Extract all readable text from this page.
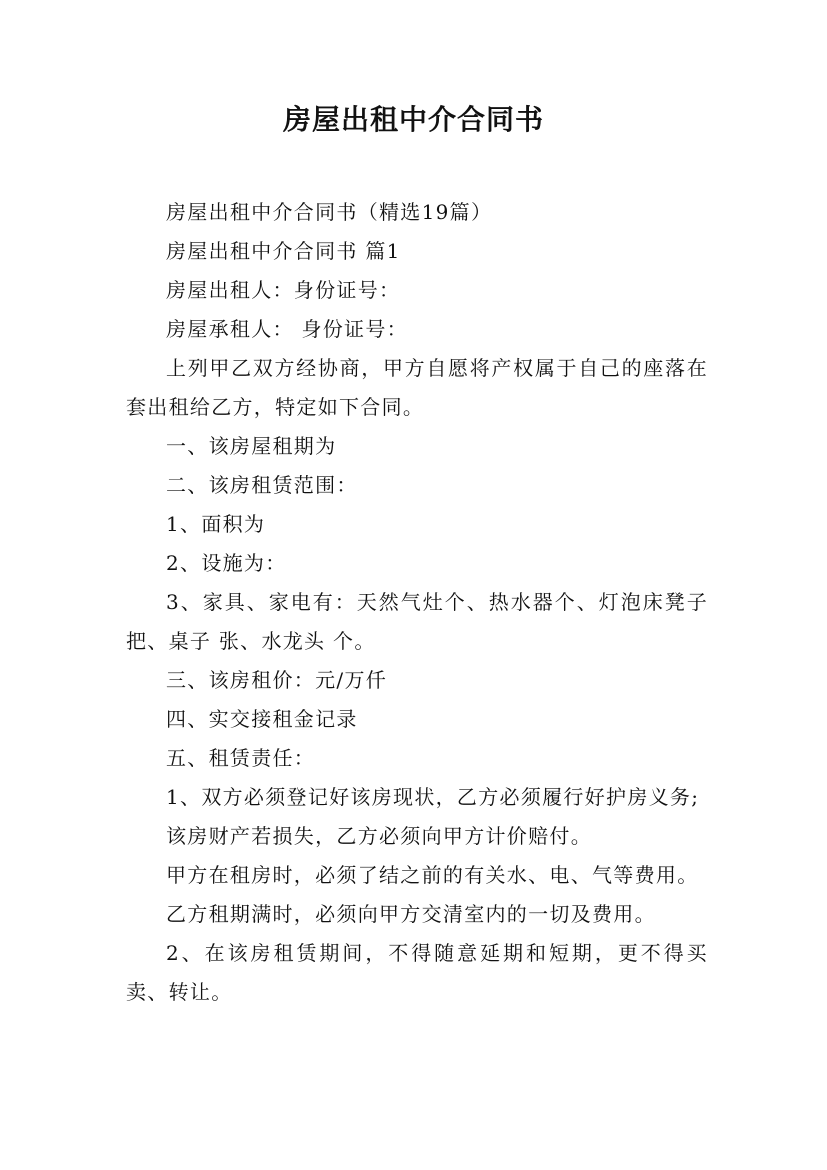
房屋出租中介合同书

房屋出租中介合同书（精选19篇）

房屋出租中介合同书 篇1

房屋出租人：身份证号：

房屋承租人： 身份证号：

上列甲乙双方经协商，甲方自愿将产权属于自己的座落在 套出租给乙方，特定如下合同。

一、该房屋租期为

二、该房租赁范围：

1、面积为

2、设施为：

3、家具、家电有：天然气灶个、热水器个、灯泡床凳子把、桌子 张、水龙头 个。

三、该房租价：元/万仟

四、实交接租金记录

五、租赁责任：

1、双方必须登记好该房现状，乙方必须履行好护房义务;

该房财产若损失，乙方必须向甲方计价赔付。

甲方在租房时，必须了结之前的有关水、电、气等费用。

乙方租期满时，必须向甲方交清室内的一切及费用。

2、在该房租赁期间，不得随意延期和短期，更不得买卖、转让。
